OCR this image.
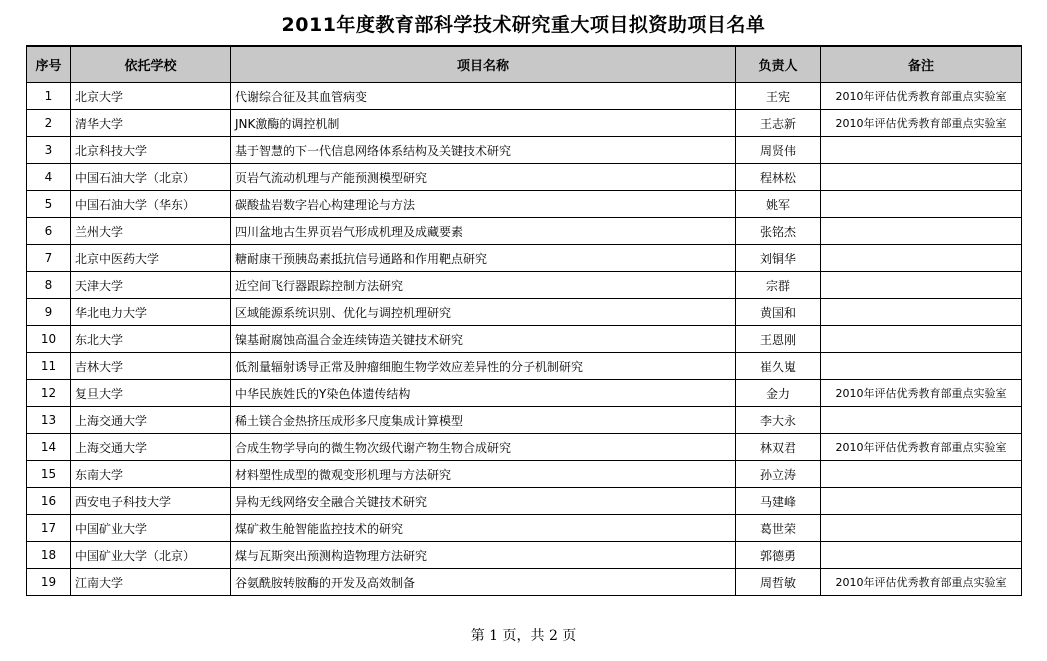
2011年度教育部科学技术研究重大项目拟资助项目名单
序号	依托学校	项目名称	负责人	备注
1	北京大学	代谢综合征及其血管病变	王宪	2010年评估优秀教育部重点实验室
2	清华大学	JNK激酶的调控机制	王志新	2010年评估优秀教育部重点实验室
3	北京科技大学	基于智慧的下一代信息网络体系结构及关键技术研究	周贤伟	
4	中国石油大学（北京）	页岩气流动机理与产能预测模型研究	程林松	
5	中国石油大学（华东）	碳酸盐岩数字岩心构建理论与方法	姚军	
6	兰州大学	四川盆地古生界页岩气形成机理及成藏要素	张铭杰	
7	北京中医药大学	糖耐康干预胰岛素抵抗信号通路和作用靶点研究	刘铜华	
8	天津大学	近空间飞行器跟踪控制方法研究	宗群	
9	华北电力大学	区域能源系统识别、优化与调控机理研究	黄国和	
10	东北大学	镍基耐腐蚀高温合金连续铸造关键技术研究	王恩刚	
11	吉林大学	低剂量辐射诱导正常及肿瘤细胞生物学效应差异性的分子机制研究	崔久嵬	
12	复旦大学	中华民族姓氏的Y染色体遗传结构	金力	2010年评估优秀教育部重点实验室
13	上海交通大学	稀土镁合金热挤压成形多尺度集成计算模型	李大永	
14	上海交通大学	合成生物学导向的微生物次级代谢产物生物合成研究	林双君	2010年评估优秀教育部重点实验室
15	东南大学	材料塑性成型的微观变形机理与方法研究	孙立涛	
16	西安电子科技大学	异构无线网络安全融合关键技术研究	马建峰	
17	中国矿业大学	煤矿救生舱智能监控技术的研究	葛世荣	
18	中国矿业大学（北京）	煤与瓦斯突出预测构造物理方法研究	郭德勇	
19	江南大学	谷氨酰胺转胺酶的开发及高效制备	周哲敏	2010年评估优秀教育部重点实验室
第 1 页，共 2 页
